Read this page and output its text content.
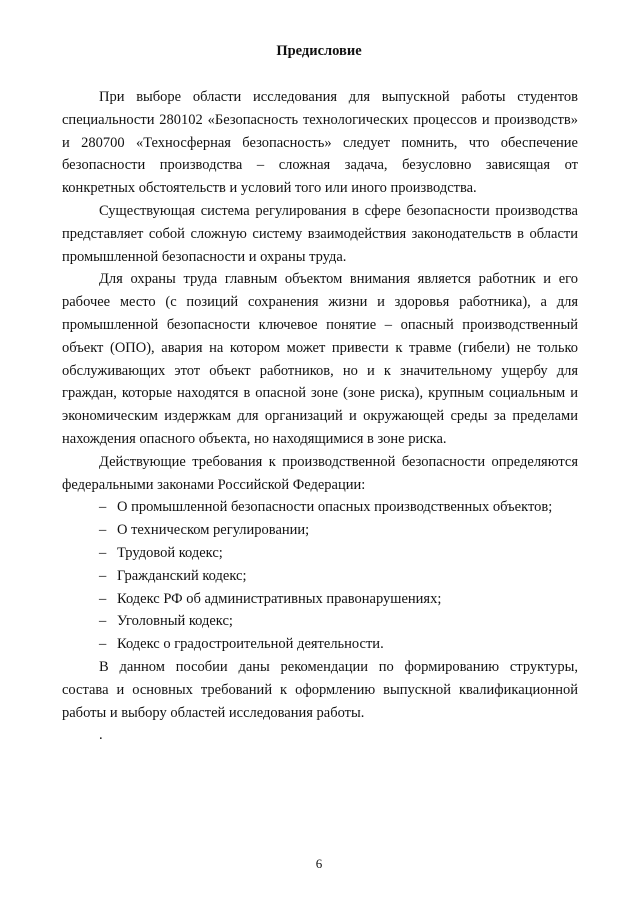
Предисловие

При выборе области исследования для выпускной работы студентов специальности 280102 «Безопасность технологических процессов и производств» и 280700 «Техносферная безопасность» следует помнить, что обеспечение безопасности производства – сложная задача, безусловно зависящая от конкретных обстоятельств и условий того или иного производства.

Существующая система регулирования в сфере безопасности производства представляет собой сложную систему взаимодействия законодательств в области промышленной безопасности и охраны труда.

Для охраны труда главным объектом внимания является работник и его рабочее место (с позиций сохранения жизни и здоровья работника), а для промышленной безопасности ключевое понятие – опасный производственный объект (ОПО), авария на котором может привести к травме (гибели) не только обслуживающих этот объект работников, но и к значительному ущербу для граждан, которые находятся в опасной зоне (зоне риска), крупным социальным и экономическим издержкам для организаций и окружающей среды за пределами нахождения опасного объекта, но находящимися в зоне риска.

Действующие требования к производственной безопасности определяются федеральными законами Российской Федерации:

– О промышленной безопасности опасных производственных объектов;
– О техническом регулировании;
– Трудовой кодекс;
– Гражданский кодекс;
– Кодекс РФ об административных правонарушениях;
– Уголовный кодекс;
– Кодекс о градостроительной деятельности.

В данном пособии даны рекомендации по формированию структуры, состава и основных требований к оформлению выпускной квалификационной работы и выбору областей исследования работы.

.

6
